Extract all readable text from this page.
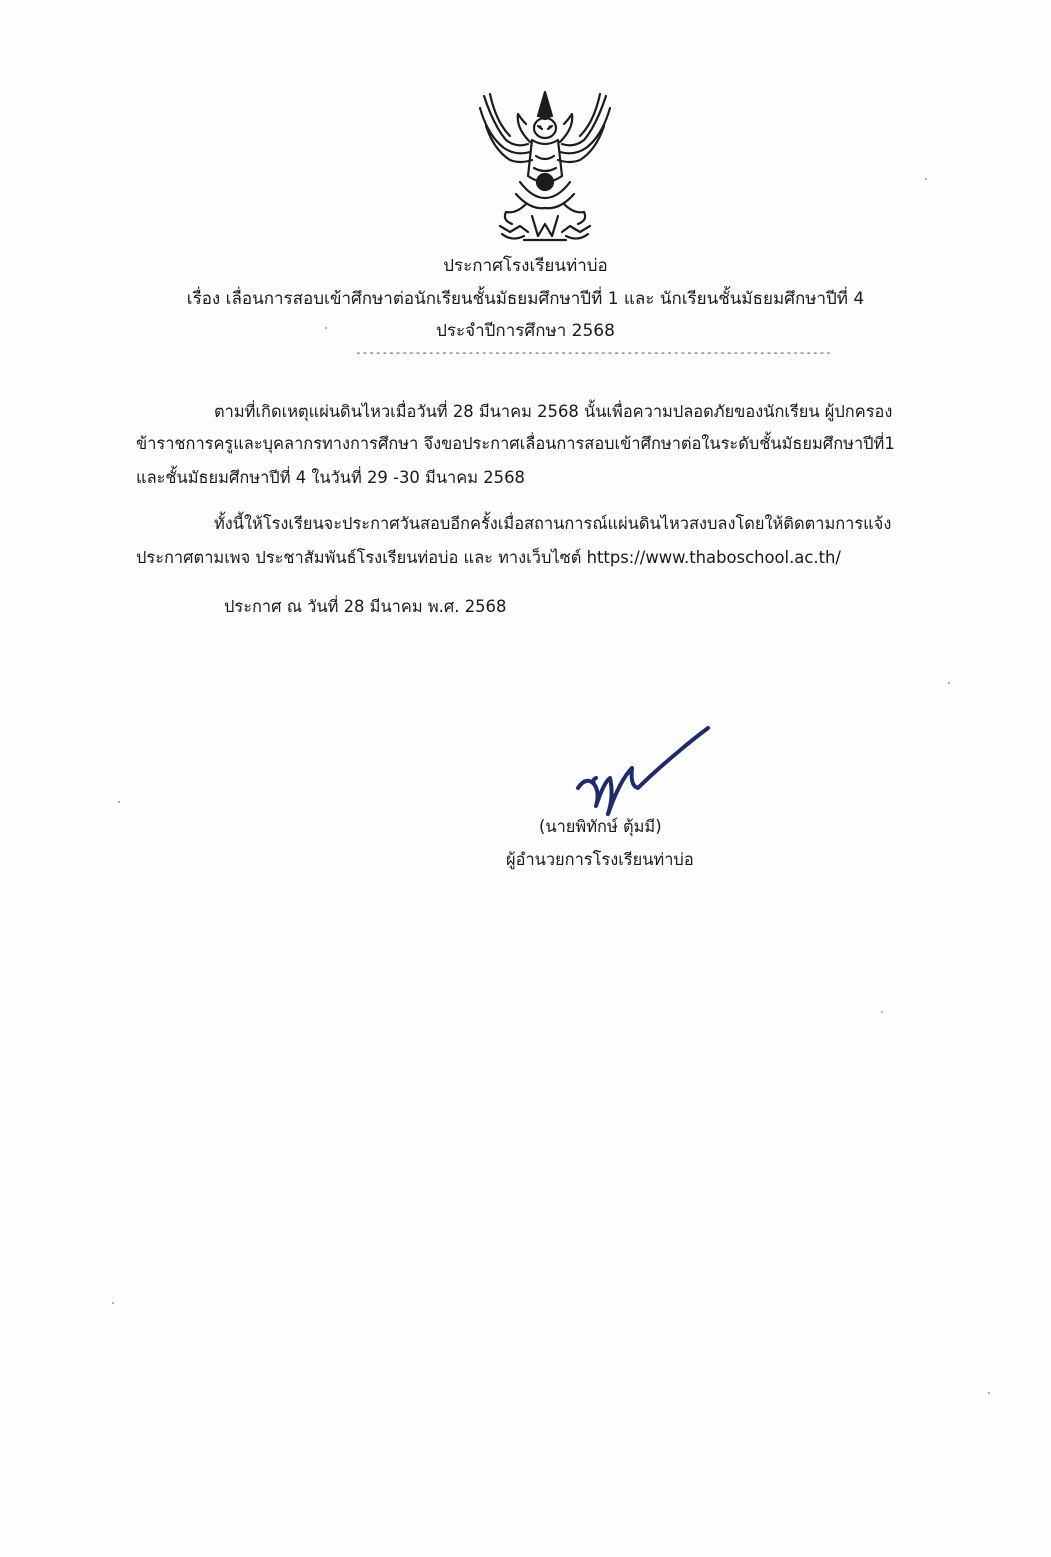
ประกาศโรงเรียนท่าบ่อ
เรื่อง เลื่อนการสอบเข้าศึกษาต่อนักเรียนชั้นมัธยมศึกษาปีที่ 1 และ นักเรียนชั้นมัธยมศึกษาปีที่ 4
ประจำปีการศึกษา 2568
------------------------------------------------------------------------
ตามที่เกิดเหตุแผ่นดินไหวเมื่อวันที่ 28 มีนาคม 2568 นั้นเพื่อความปลอดภัยของนักเรียน ผู้ปกครอง
ข้าราชการครูและบุคลากรทางการศึกษา จึงขอประกาศเลื่อนการสอบเข้าศึกษาต่อในระดับชั้นมัธยมศึกษาปีที่1
และชั้นมัธยมศึกษาปีที่ 4 ในวันที่ 29 -30 มีนาคม 2568
ทั้งนี้ให้โรงเรียนจะประกาศวันสอบอีกครั้งเมื่อสถานการณ์แผ่นดินไหวสงบลงโดยให้ติดตามการแจ้ง
ประกาศตามเพจ ประชาสัมพันธ์โรงเรียนท่อบ่อ และ ทางเว็บไซต์ https://www.thaboschool.ac.th/
ประกาศ ณ วันที่ 28 มีนาคม พ.ศ. 2568
(นายพิทักษ์ ตุ้มมี)
ผู้อำนวยการโรงเรียนท่าบ่อ
